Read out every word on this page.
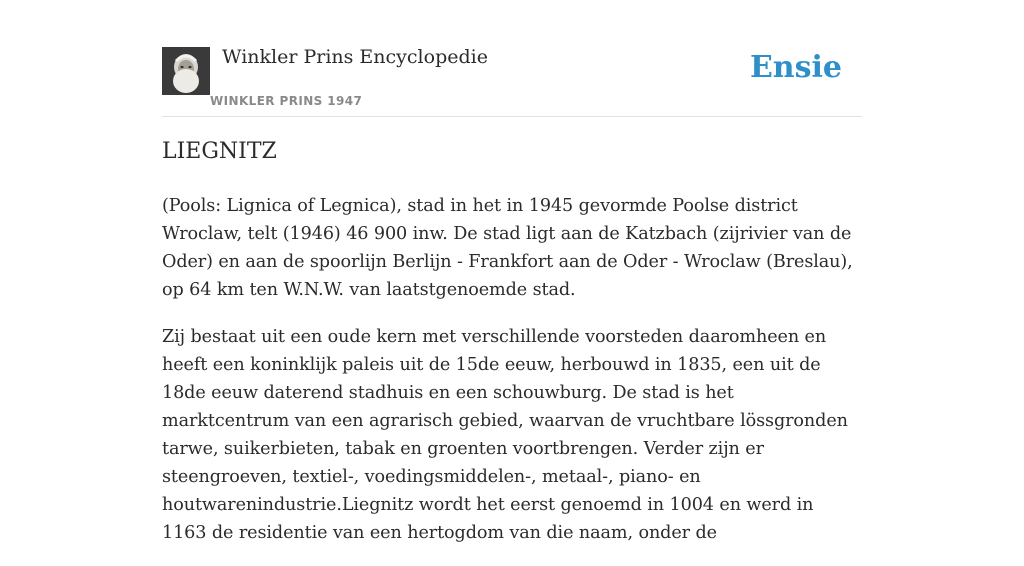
Winkler Prins Encyclopedie
WINKLER PRINS 1947
Ensie
LIEGNITZ

(Pools: Lignica of Legnica), stad in het in 1945 gevormde Poolse district Wroclaw, telt (1946) 46 900 inw. De stad ligt aan de Katzbach (zijrivier van de Oder) en aan de spoorlijn Berlijn - Frankfort aan de Oder - Wroclaw (Breslau), op 64 km ten W.N.W. van laatstgenoemde stad.

Zij bestaat uit een oude kern met verschillende voorsteden daaromheen en heeft een koninklijk paleis uit de 15de eeuw, herbouwd in 1835, een uit de 18de eeuw daterend stadhuis en een schouwburg. De stad is het marktcentrum van een agrarisch gebied, waarvan de vruchtbare lössgronden tarwe, suikerbieten, tabak en groenten voortbrengen. Verder zijn er steengroeven, textiel-, voedingsmiddelen-, metaal-, piano- en houtwarenindustrie.Liegnitz wordt het eerst genoemd in 1004 en werd in 1163 de residentie van een hertogdom van die naam, onder de
